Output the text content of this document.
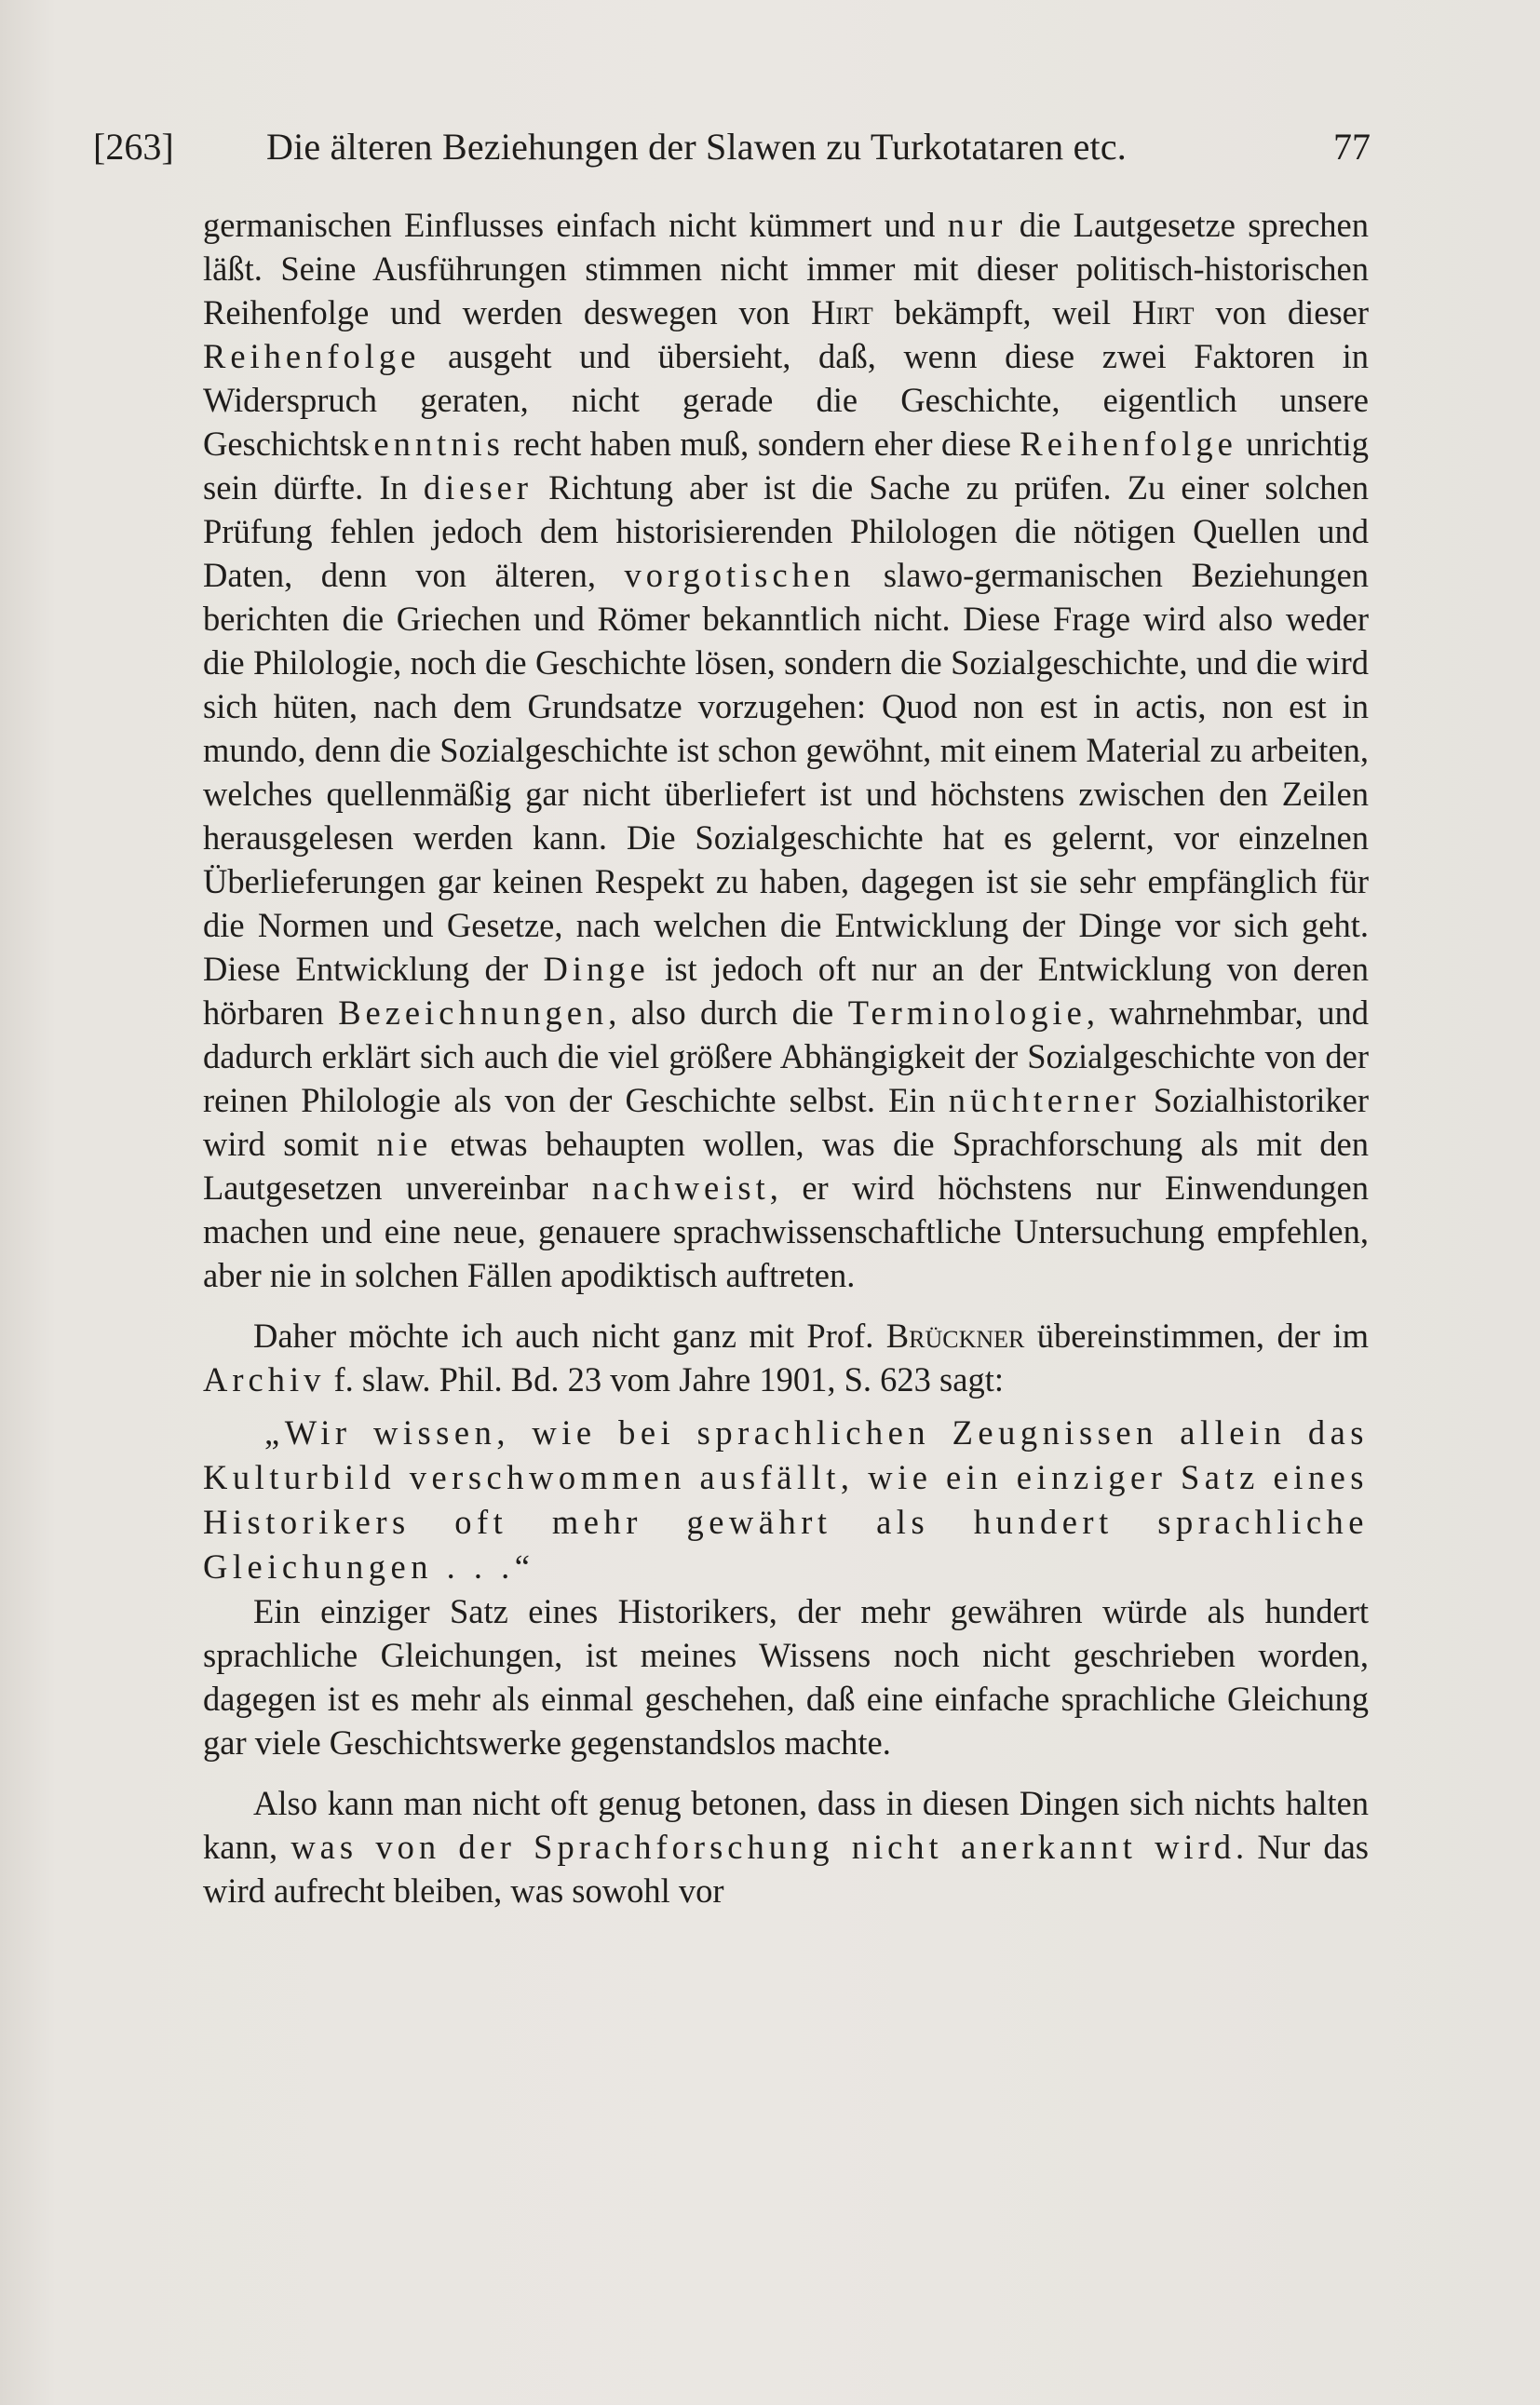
[263] Die älteren Beziehungen der Slawen zu Turkotataren etc.	77

germanischen Einflusses einfach nicht kümmert und nur die Lautgesetze sprechen läßt. Seine Ausführungen stimmen nicht immer mit dieser politisch-historischen Reihenfolge und werden deswegen von Hirt bekämpft, weil Hirt von dieser Reihenfolge ausgeht und übersieht, daß, wenn diese zwei Faktoren in Widerspruch geraten, nicht gerade die Geschichte, eigentlich unsere Geschichtskenntnis recht haben muß, sondern eher diese Reihenfolge unrichtig sein dürfte. In dieser Richtung aber ist die Sache zu prüfen. Zu einer solchen Prüfung fehlen jedoch dem historisierenden Philologen die nötigen Quellen und Daten, denn von älteren, vorgotischen slawo-germanischen Beziehungen berichten die Griechen und Römer bekanntlich nicht. Diese Frage wird also weder die Philologie, noch die Geschichte lösen, sondern die Sozialgeschichte, und die wird sich hüten, nach dem Grundsatze vorzugehen: Quod non est in actis, non est in mundo, denn die Sozialgeschichte ist schon gewöhnt, mit einem Material zu arbeiten, welches quellenmäßig gar nicht überliefert ist und höchstens zwischen den Zeilen herausgelesen werden kann. Die Sozialgeschichte hat es gelernt, vor einzelnen Überlieferungen gar keinen Respekt zu haben, dagegen ist sie sehr empfänglich für die Normen und Gesetze, nach welchen die Entwicklung der Dinge vor sich geht. Diese Entwicklung der Dinge ist jedoch oft nur an der Entwicklung von deren hörbaren Bezeichnungen, also durch die Terminologie, wahrnehmbar, und dadurch erklärt sich auch die viel größere Abhängigkeit der Sozialgeschichte von der reinen Philologie als von der Geschichte selbst. Ein nüchterner Sozialhistoriker wird somit nie etwas behaupten wollen, was die Sprachforschung als mit den Lautgesetzen unvereinbar nachweist, er wird höchstens nur Einwendungen machen und eine neue, genauere sprachwissenschaftliche Untersuchung empfehlen, aber nie in solchen Fällen apodiktisch auftreten.

Daher möchte ich auch nicht ganz mit Prof. Brückner übereinstimmen, der im Archiv f. slaw. Phil. Bd. 23 vom Jahre 1901, S. 623 sagt:

„Wir wissen, wie bei sprachlichen Zeugnissen allein das Kulturbild verschwommen ausfällt, wie ein einziger Satz eines Historikers oft mehr gewährt als hundert sprachliche Gleichungen . . .“

Ein einziger Satz eines Historikers, der mehr gewähren würde als hundert sprachliche Gleichungen, ist meines Wissens noch nicht geschrieben worden, dagegen ist es mehr als einmal geschehen, daß eine einfache sprachliche Gleichung gar viele Geschichtswerke gegenstandslos machte.

Also kann man nicht oft genug betonen, dass in diesen Dingen sich nichts halten kann, was von der Sprachforschung nicht anerkannt wird. Nur das wird aufrecht bleiben, was sowohl vor
